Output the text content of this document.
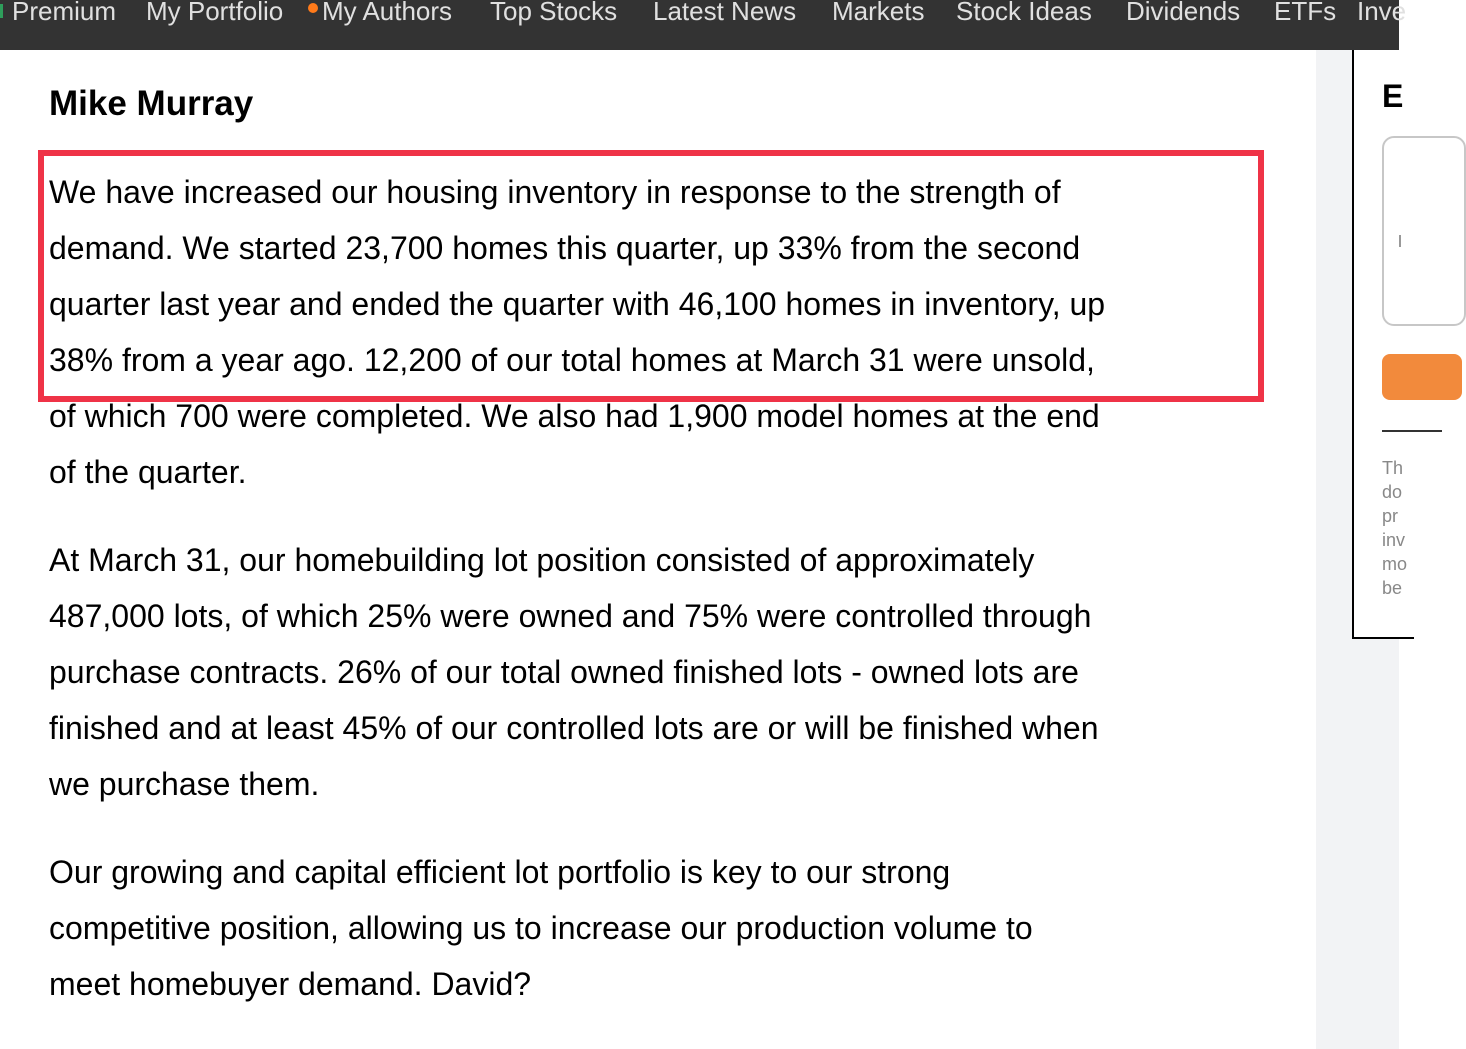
Premium My Portfolio My Authors Top Stocks Latest News Markets Stock Ideas Dividends ETFs Inve
E
Th
do
pr
inv
mo
be
Mike Murray

We have increased our housing inventory in response to the strength of
demand. We started 23,700 homes this quarter, up 33% from the second
quarter last year and ended the quarter with 46,100 homes in inventory, up
38% from a year ago. 12,200 of our total homes at March 31 were unsold,
of which 700 were completed. We also had 1,900 model homes at the end
of the quarter.

At March 31, our homebuilding lot position consisted of approximately
487,000 lots, of which 25% were owned and 75% were controlled through
purchase contracts. 26% of our total owned finished lots - owned lots are
finished and at least 45% of our controlled lots are or will be finished when
we purchase them.

Our growing and capital efficient lot portfolio is key to our strong
competitive position, allowing us to increase our production volume to
meet homebuyer demand. David?
